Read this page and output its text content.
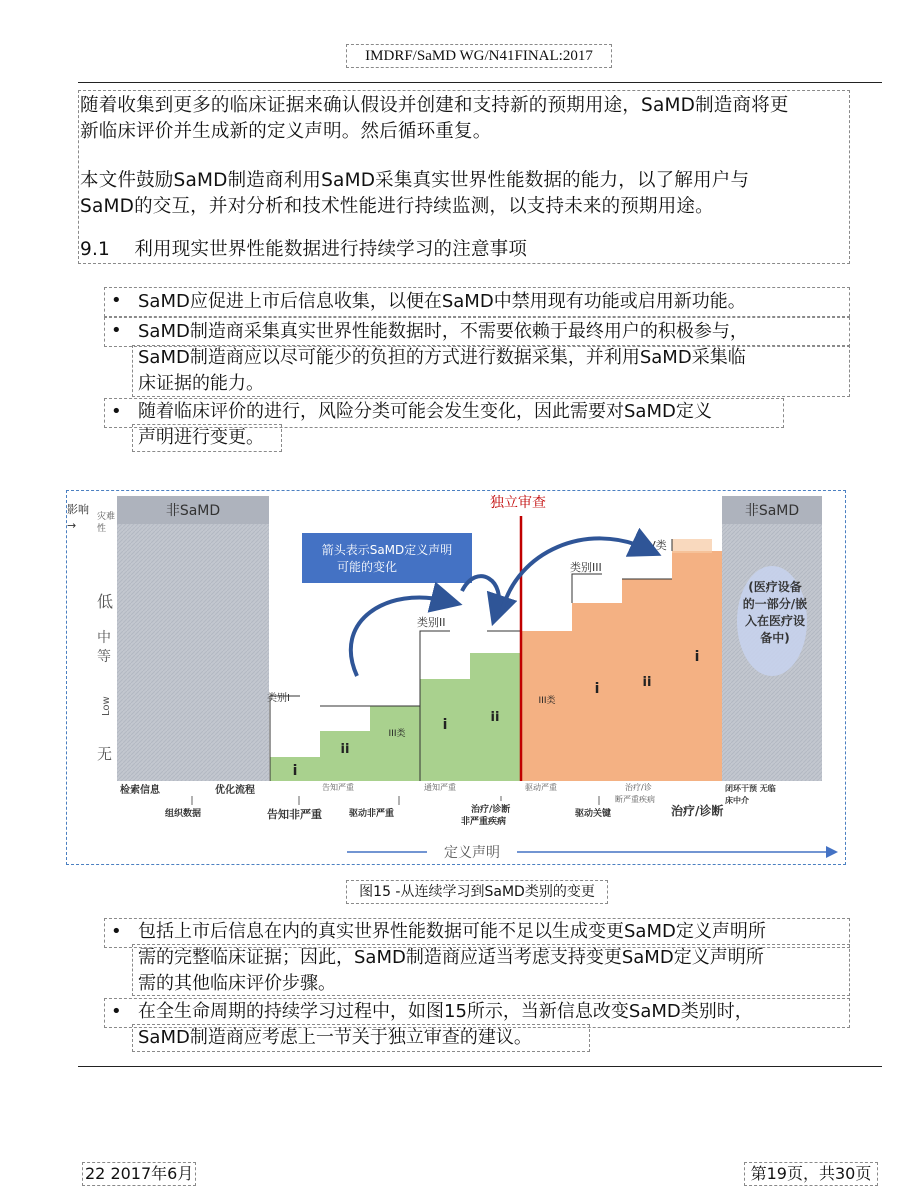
IMDRF/SaMD WG/N41FINAL:2017
随着收集到更多的临床证据来确认假设并创建和支持新的预期用途，SaMD制造商将更
新临床评价并生成新的定义声明。然后循环重复。
本文件鼓励SaMD制造商利用SaMD采集真实世界性能数据的能力，以了解用户与
SaMD的交互，并对分析和技术性能进行持续监测，以支持未来的预期用途。
9.1    利用现实世界性能数据进行持续学习的注意事项
• SaMD应促进上市后信息收集，以便在SaMD中禁用现有功能或启用新功能。
• SaMD制造商采集真实世界性能数据时，不需要依赖于最终用户的积极参与，
SaMD制造商应以尽可能少的负担的方式进行数据采集，并利用SaMD采集临
床证据的能力。
• 随着临床评价的进行，风险分类可能会发生变化，因此需要对SaMD定义
声明进行变更。
非SaMD	非SaMD
(医疗设备
的一部分/嵌
入在医疗设
备中)
影响
→
灾难
性
低
中
等
Low
无
i
ii
III类
i	ii
III类
i	ii
i
类别I
类别II
类别III
IV类
独立审查
箭头表示SaMD定义声明
可能的变化
告知严重	通知严重	驱动严重	治疗/诊
断严重疾病
检索信息	优化流程
治疗/诊断
闭环干预 无临
床中介
组织数据	告知非严重	驱动非严重	治疗/诊断
非严重疾病
驱动关键
定义声明
图15 -从连续学习到SaMD类别的变更
• 包括上市后信息在内的真实世界性能数据可能不足以生成变更SaMD定义声明所
需的完整临床证据；因此，SaMD制造商应适当考虑支持变更SaMD定义声明所
需的其他临床评价步骤。
• 在全生命周期的持续学习过程中，如图15所示，当新信息改变SaMD类别时，
SaMD制造商应考虑上一节关于独立审查的建议。
22 2017年6月	第19页，共30页
